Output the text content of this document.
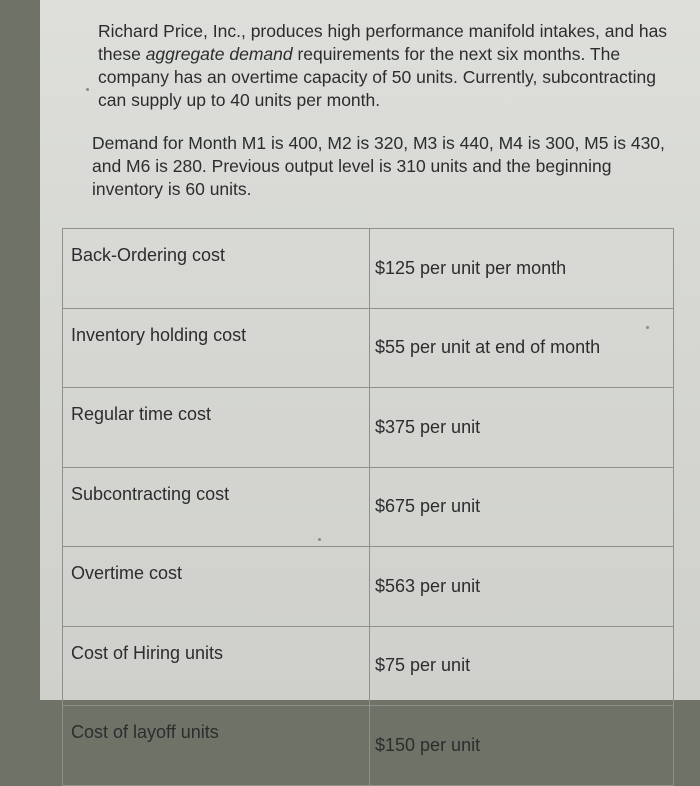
Richard Price, Inc., produces high performance manifold intakes, and has these aggregate demand requirements for the next six months. The company has an overtime capacity of 50 units. Currently, subcontracting can supply up to 40 units per month.

Demand for Month M1 is 400, M2 is 320, M3 is 440, M4 is 300, M5 is 430, and M6 is 280. Previous output level is 310 units and the beginning inventory is 60 units.

Back-Ordering cost	$125 per unit per month
Inventory holding cost	$55 per unit at end of month
Regular time cost	$375 per unit
Subcontracting cost	$675 per unit
Overtime cost	$563 per unit
Cost of Hiring units	$75 per unit
Cost of layoff units	$150 per unit
